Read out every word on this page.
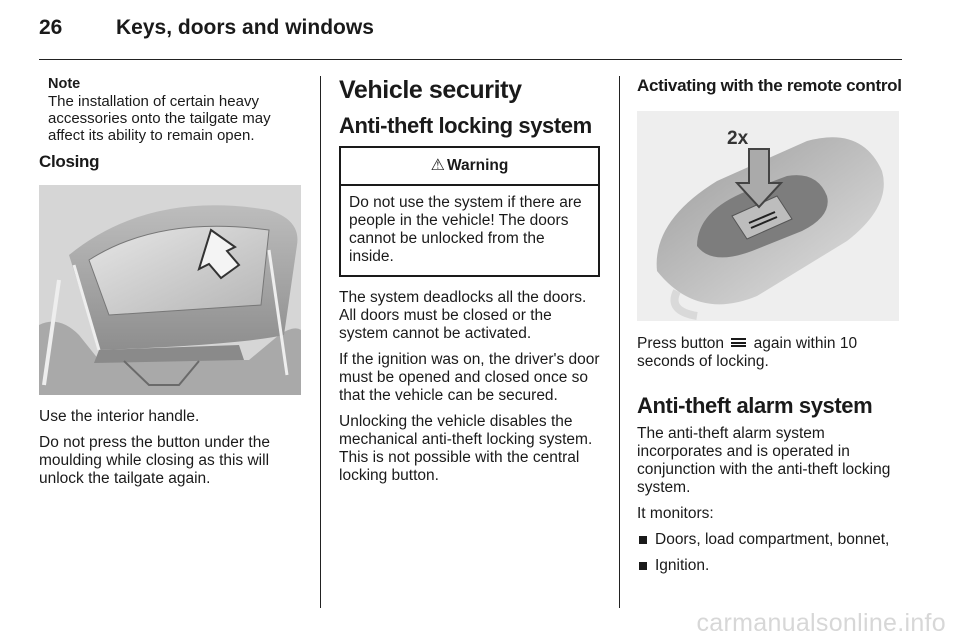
26	Keys, doors and windows
Note

The installation of certain heavy accessories onto the tailgate may affect its ability to remain open.

Closing

Use the interior handle.

Do not press the button under the moulding while closing as this will unlock the tailgate again.

Vehicle security
Anti-theft locking system
⚠ Warning
Do not use the system if there are people in the vehicle! The doors cannot be unlocked from the inside.

The system deadlocks all the doors. All doors must be closed or the system cannot be activated.

If the ignition was on, the driver's door must be opened and closed once so that the vehicle can be secured.

Unlocking the vehicle disables the mechanical anti-theft locking system. This is not possible with the central locking button.

Activating with the remote control
2x

Press button again within 10 seconds of locking.

Anti-theft alarm system

The anti-theft alarm system incorporates and is operated in conjunction with the anti-theft locking system.

It monitors:

Doors, load compartment, bonnet,
Ignition.
carmanualsonline.info
